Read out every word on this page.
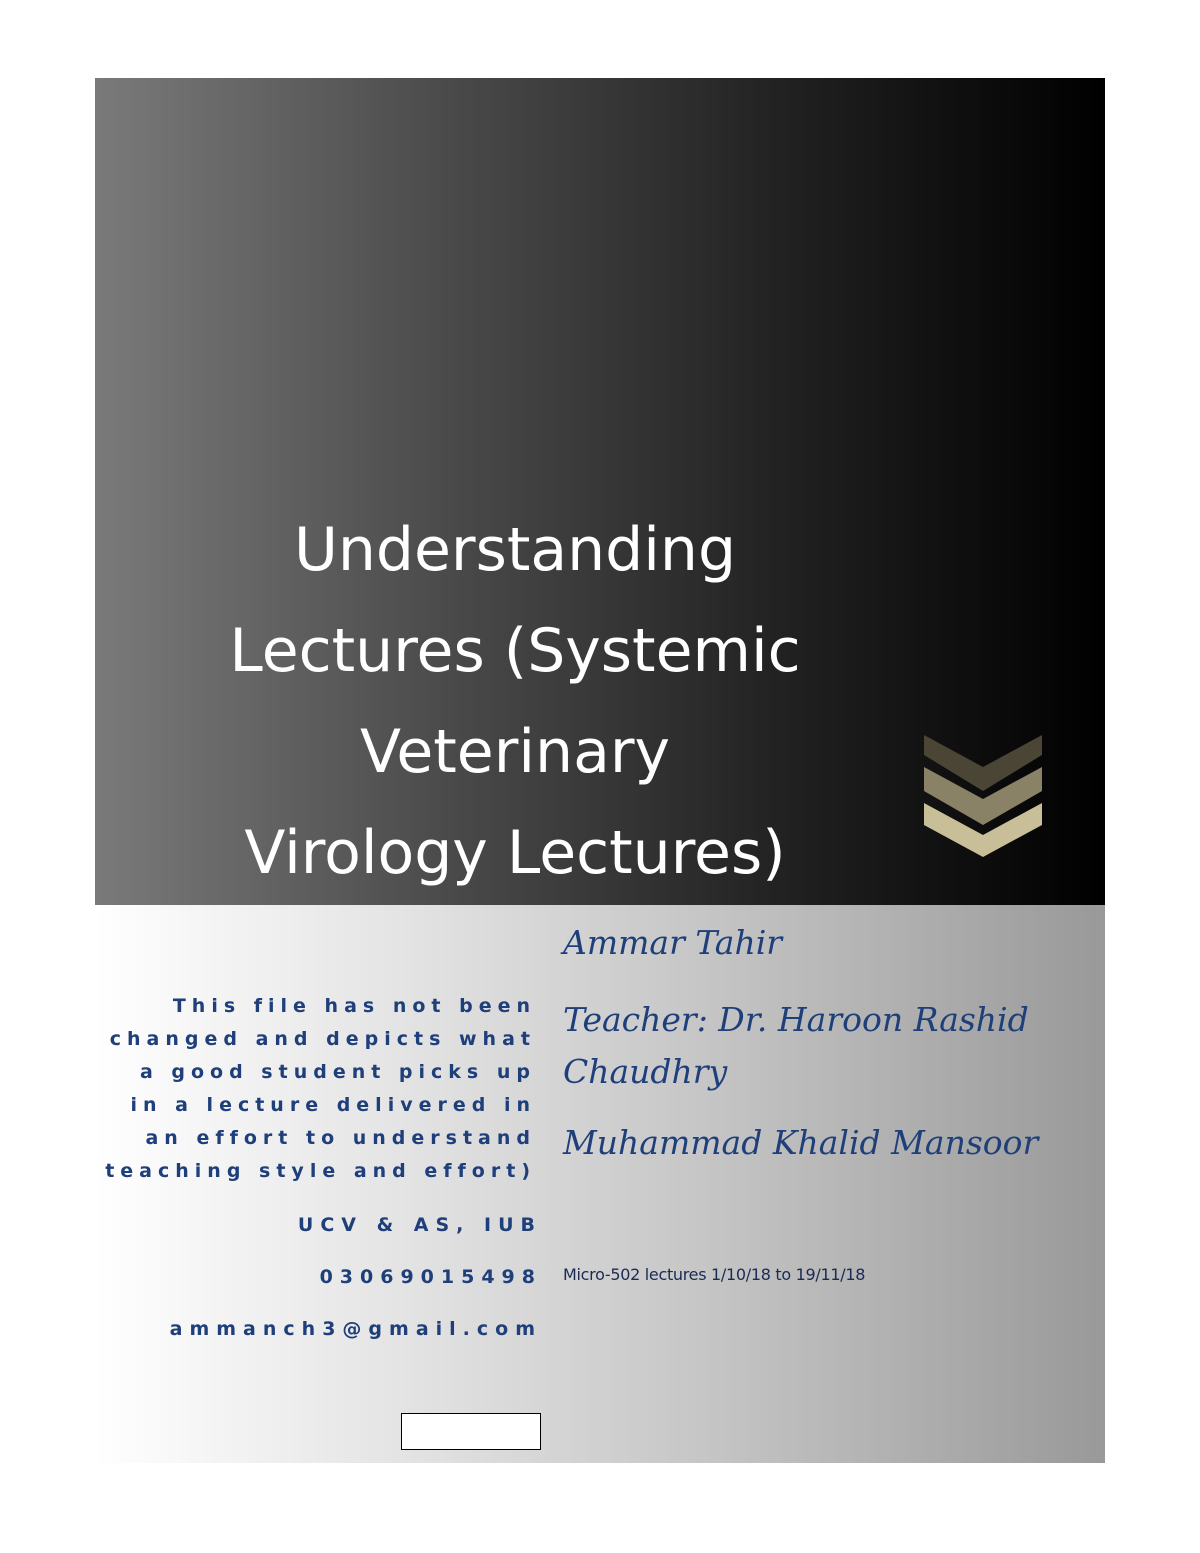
Understanding
Lectures (Systemic
Veterinary
Virology Lectures)
This file has not been changed and depicts what a good student picks up in a lecture delivered in an effort to understand teaching style and effort)
UCV & AS, IUB
03069015498
ammanch3@gmail.com
Ammar Tahir
Teacher: Dr. Haroon Rashid Chaudhry
Muhammad Khalid Mansoor
Micro-502 lectures 1/10/18 to 19/11/18
